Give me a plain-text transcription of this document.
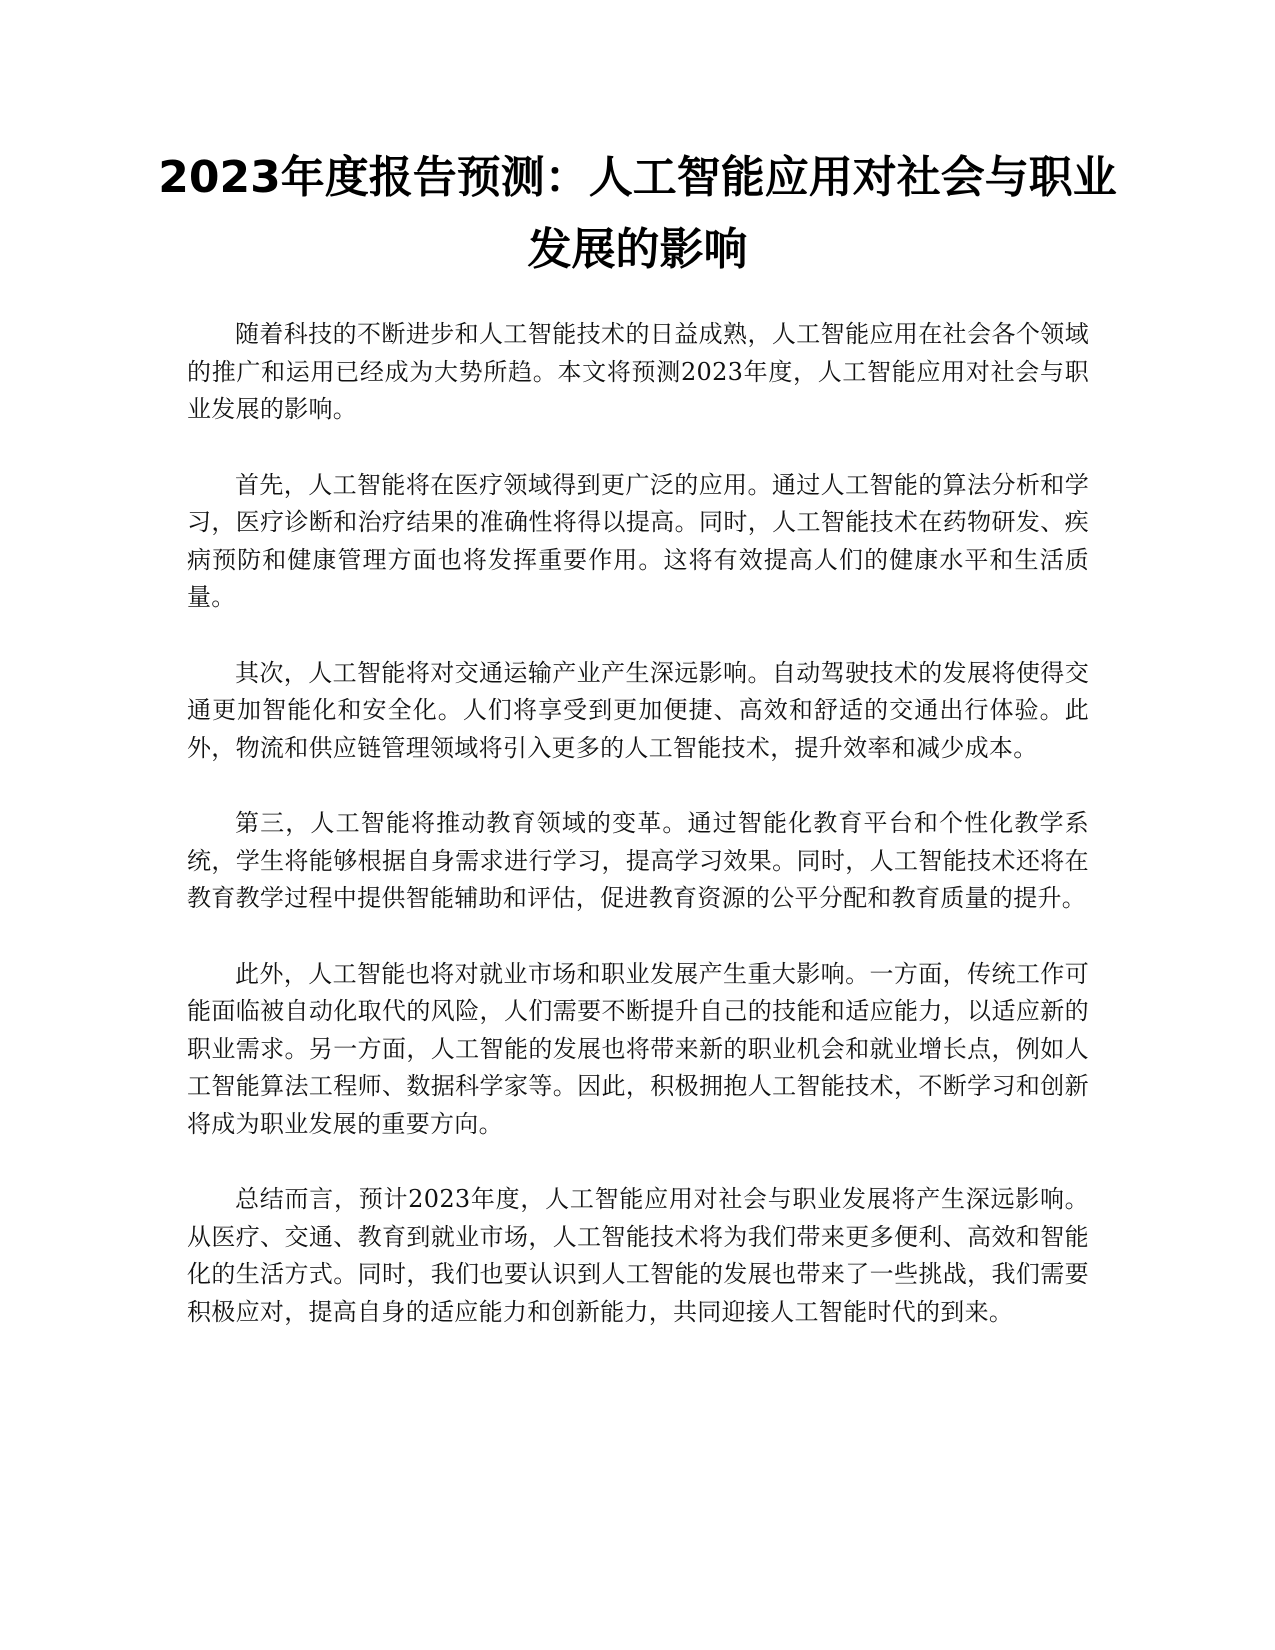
2023年度报告预测：人工智能应用对社会与职业发展的影响

随着科技的不断进步和人工智能技术的日益成熟，人工智能应用在社会各个领域的推广和运用已经成为大势所趋。本文将预测2023年度，人工智能应用对社会与职业发展的影响。

首先，人工智能将在医疗领域得到更广泛的应用。通过人工智能的算法分析和学习，医疗诊断和治疗结果的准确性将得以提高。同时，人工智能技术在药物研发、疾病预防和健康管理方面也将发挥重要作用。这将有效提高人们的健康水平和生活质量。

其次，人工智能将对交通运输产业产生深远影响。自动驾驶技术的发展将使得交通更加智能化和安全化。人们将享受到更加便捷、高效和舒适的交通出行体验。此外，物流和供应链管理领域将引入更多的人工智能技术，提升效率和减少成本。

第三，人工智能将推动教育领域的变革。通过智能化教育平台和个性化教学系统，学生将能够根据自身需求进行学习，提高学习效果。同时，人工智能技术还将在教育教学过程中提供智能辅助和评估，促进教育资源的公平分配和教育质量的提升。

此外，人工智能也将对就业市场和职业发展产生重大影响。一方面，传统工作可能面临被自动化取代的风险，人们需要不断提升自己的技能和适应能力，以适应新的职业需求。另一方面，人工智能的发展也将带来新的职业机会和就业增长点，例如人工智能算法工程师、数据科学家等。因此，积极拥抱人工智能技术，不断学习和创新将成为职业发展的重要方向。

总结而言，预计2023年度，人工智能应用对社会与职业发展将产生深远影响。从医疗、交通、教育到就业市场，人工智能技术将为我们带来更多便利、高效和智能化的生活方式。同时，我们也要认识到人工智能的发展也带来了一些挑战，我们需要积极应对，提高自身的适应能力和创新能力，共同迎接人工智能时代的到来。
